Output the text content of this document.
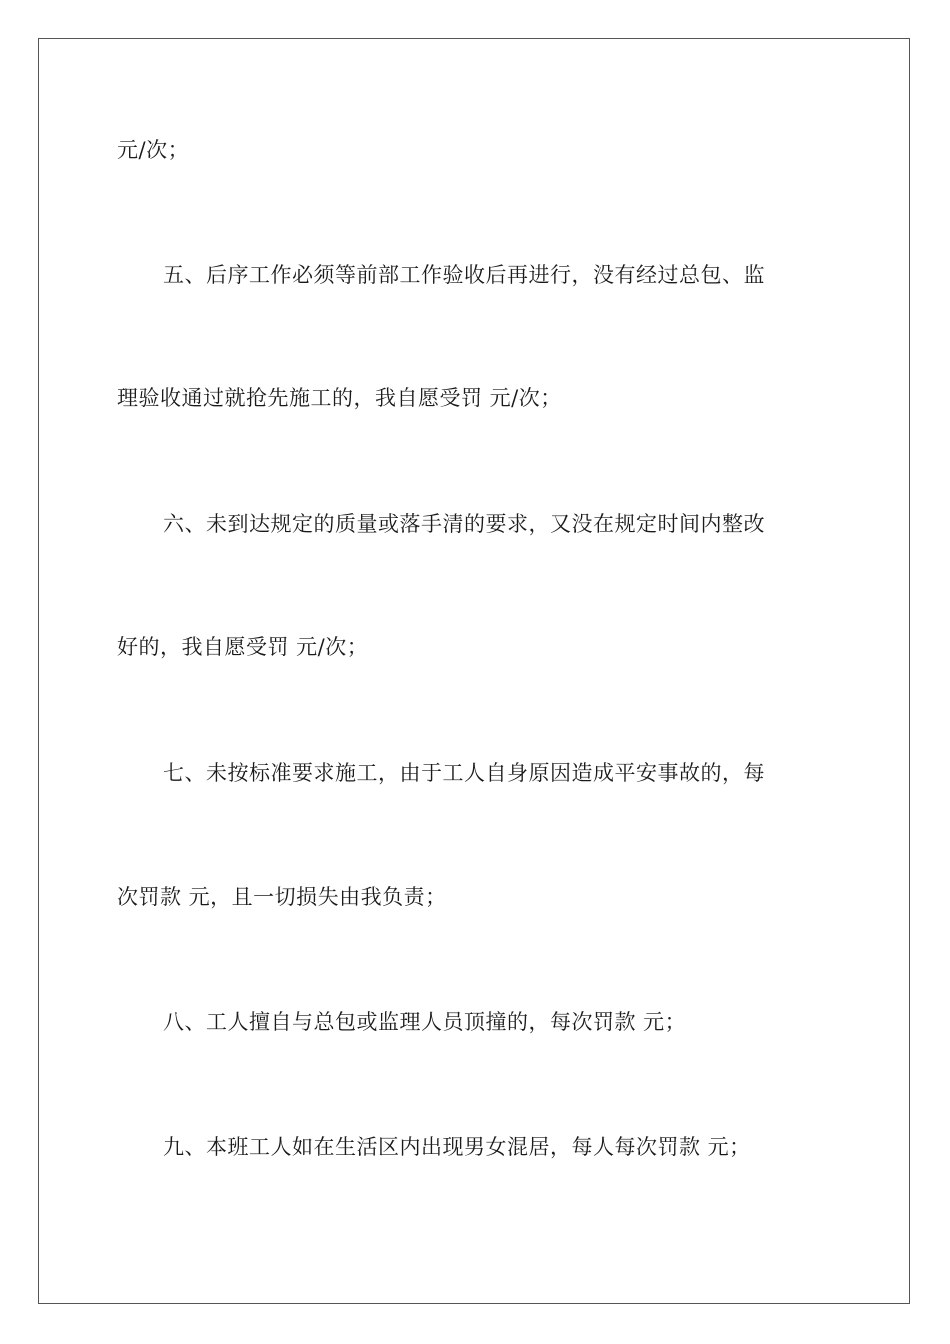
元/次；
五、后序工作必须等前部工作验收后再进行，没有经过总包、监
理验收通过就抢先施工的，我自愿受罚 元/次；
六、未到达规定的质量或落手清的要求，又没在规定时间内整改
好的，我自愿受罚 元/次；
七、未按标准要求施工，由于工人自身原因造成平安事故的，每
次罚款 元，且一切损失由我负责；
八、工人擅自与总包或监理人员顶撞的，每次罚款 元；
九、本班工人如在生活区内出现男女混居，每人每次罚款 元；
